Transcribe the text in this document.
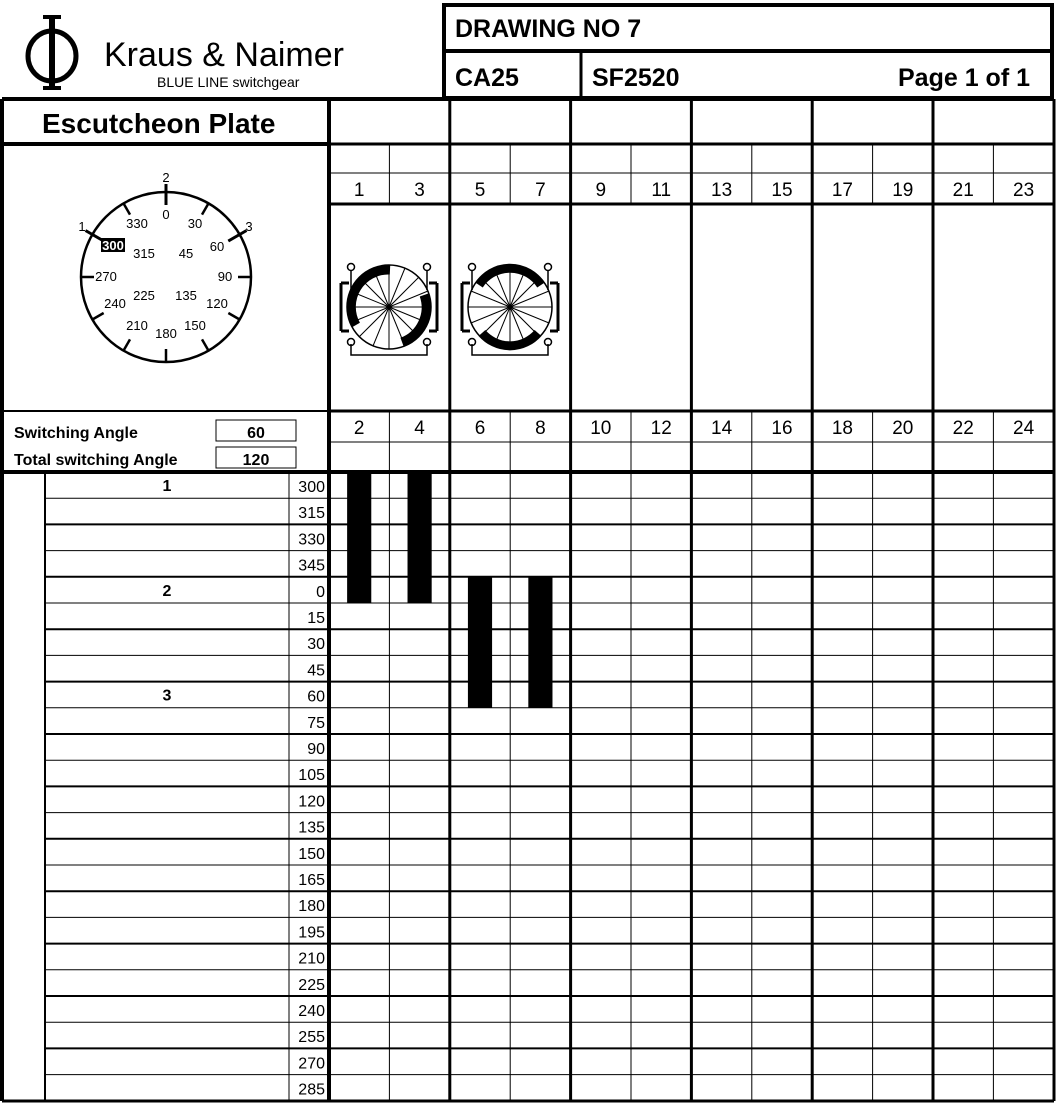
Kraus & Naimer
BLUE LINE switchgear
DRAWING NO 7
CA25	SF2520	Page 1 of 1
Escutcheon Plate
2
1	3
0
30
60
90
120
150
180
210
240
270
300
315
330
45
135
225
Switching Angle	60
Total switching Angle	120
1	3	5	7	9 11 13 15 17 19 21 23
2	4	6	8 10 12 14 16 18 20 22 24
1	300
315
330
345
2	0
15
30
45
3	60
75
90
105
120
135
150
165
180
195
210
225
240
255
270
285
